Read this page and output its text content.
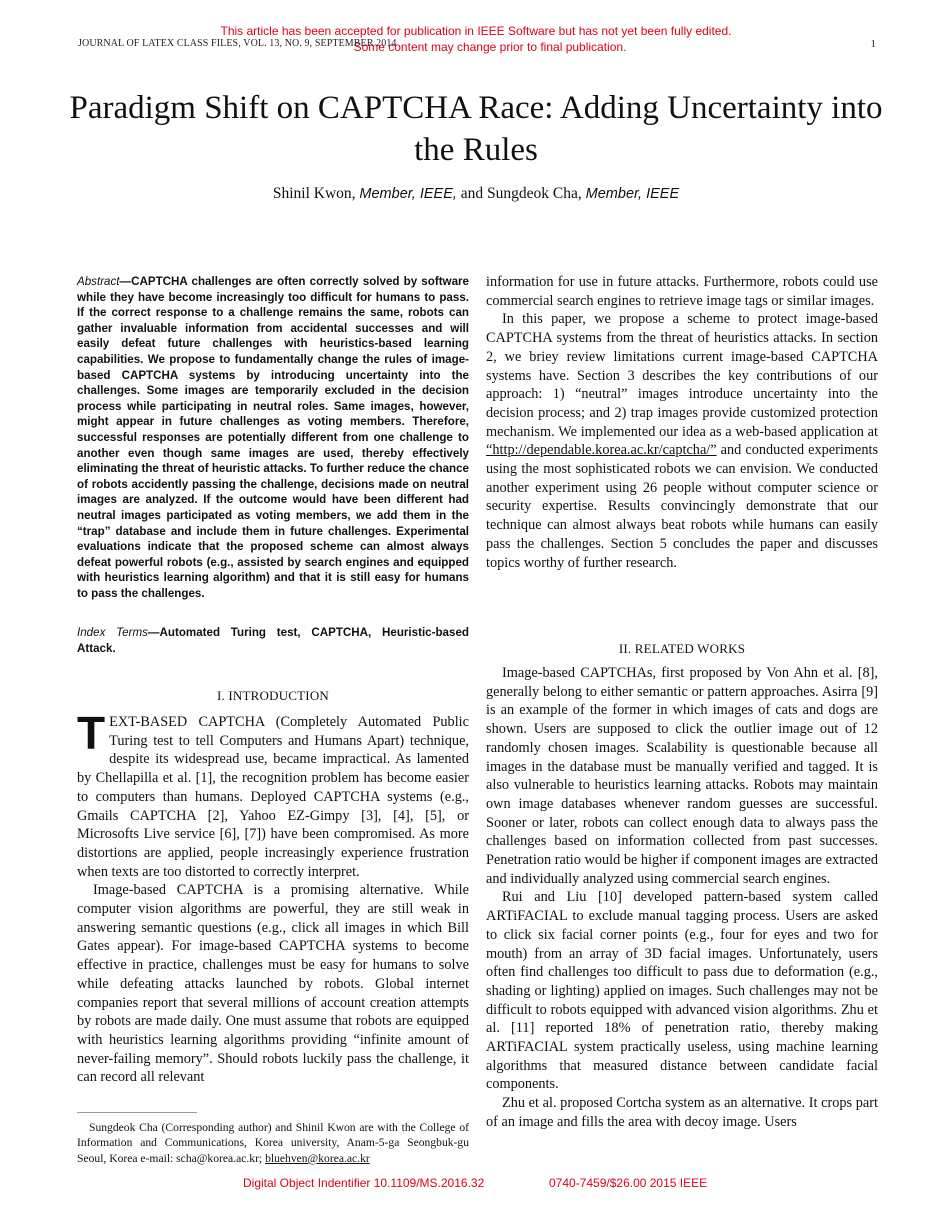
This article has been accepted for publication in IEEE Software but has not yet been fully edited.
Some content may change prior to final publication.
JOURNAL OF LATEX CLASS FILES, VOL. 13, NO. 9, SEPTEMBER 2014	1
Paradigm Shift on CAPTCHA Race: Adding Uncertainty into the Rules
Shinil Kwon, Member, IEEE, and Sungdeok Cha, Member, IEEE

Abstract—CAPTCHA challenges are often correctly solved by software while they have become increasingly too difficult for humans to pass. If the correct response to a challenge remains the same, robots can gather invaluable information from accidental successes and will easily defeat future challenges with heuristics-based learning capabilities. We propose to fundamentally change the rules of image-based CAPTCHA systems by introducing uncertainty into the challenges. Some images are temporarily excluded in the decision process while participating in neutral roles. Same images, however, might appear in future challenges as voting members. Therefore, successful responses are potentially different from one challenge to another even though same images are used, thereby effectively eliminating the threat of heuristic attacks. To further reduce the chance of robots accidently passing the challenge, decisions made on neutral images are analyzed. If the outcome would have been different had neutral images participated as voting members, we add them in the “trap” database and include them in future challenges. Experimental evaluations indicate that the proposed scheme can almost always defeat powerful robots (e.g., assisted by search engines and equipped with heuristics learning algorithm) and that it is still easy for humans to pass the challenges.

Index Terms—Automated Turing test, CAPTCHA, Heuristic-based Attack.

I. INTRODUCTION

TEXT-BASED CAPTCHA (Completely Automated Public Turing test to tell Computers and Humans Apart) technique, despite its widespread use, became impractical. As lamented by Chellapilla et al. [1], the recognition problem has become easier to computers than humans. Deployed CAPTCHA systems (e.g., Gmails CAPTCHA [2], Yahoo EZ-Gimpy [3], [4], [5], or Microsofts Live service [6], [7]) have been compromised. As more distortions are applied, people increasingly experience frustration when texts are too distorted to correctly interpret.

Image-based CAPTCHA is a promising alternative. While computer vision algorithms are powerful, they are still weak in answering semantic questions (e.g., click all images in which Bill Gates appear). For image-based CAPTCHA systems to become effective in practice, challenges must be easy for humans to solve while defeating attacks launched by robots. Global internet companies report that several millions of account creation attempts by robots are made daily. One must assume that robots are equipped with heuristics learning algorithms providing “infinite amount of never-failing memory”. Should robots luckily pass the challenge, it can record all relevant

information for use in future attacks. Furthermore, robots could use commercial search engines to retrieve image tags or similar images.

In this paper, we propose a scheme to protect image-based CAPTCHA systems from the threat of heuristics attacks. In section 2, we briey review limitations current image-based CAPTCHA systems have. Section 3 describes the key contributions of our approach: 1) “neutral” images introduce uncertainty into the decision process; and 2) trap images provide customized protection mechanism. We implemented our idea as a web-based application at “http://dependable.korea.ac.kr/captcha/” and conducted experiments using the most sophisticated robots we can envision. We conducted another experiment using 26 people without computer science or security expertise. Results convincingly demonstrate that our technique can almost always beat robots while humans can easily pass the challenges. Section 5 concludes the paper and discusses topics worthy of further research.

II. RELATED WORKS

Image-based CAPTCHAs, first proposed by Von Ahn et al. [8], generally belong to either semantic or pattern approaches. Asirra [9] is an example of the former in which images of cats and dogs are shown. Users are supposed to click the outlier image out of 12 randomly chosen images. Scalability is questionable because all images in the database must be manually verified and tagged. It is also vulnerable to heuristics learning attacks. Robots may maintain own image databases whenever random guesses are successful. Sooner or later, robots can collect enough data to always pass the challenges based on information collected from past successes. Penetration ratio would be higher if component images are extracted and individually analyzed using commercial search engines.

Rui and Liu [10] developed pattern-based system called ARTiFACIAL to exclude manual tagging process. Users are asked to click six facial corner points (e.g., four for eyes and two for mouth) from an array of 3D facial images. Unfortunately, users often find challenges too difficult to pass due to deformation (e.g., shading or lighting) applied on images. Such challenges may not be difficult to robots equipped with advanced vision algorithms. Zhu et al. [11] reported 18% of penetration ratio, thereby making ARTiFACIAL system practically useless, using machine learning algorithms that measured distance between candidate facial components.

Zhu et al. proposed Cortcha system as an alternative. It crops part of an image and fills the area with decoy image. Users

Sungdeok Cha (Corresponding author) and Shinil Kwon are with the College of Information and Communications, Korea university, Anam-5-ga Seongbuk-gu Seoul, Korea e-mail: scha@korea.ac.kr; bluehven@korea.ac.kr

Digital Object Indentifier 10.1109/MS.2016.32	0740-7459/$26.00 2015 IEEE
